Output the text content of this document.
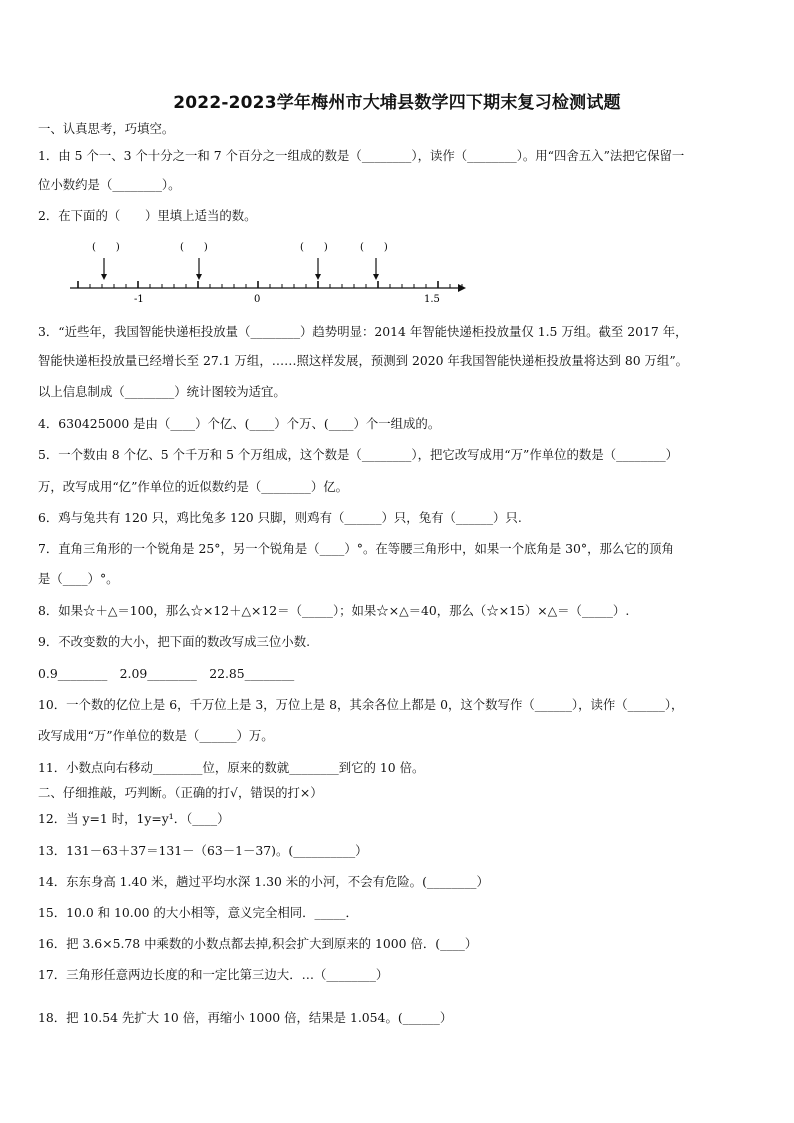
2022-2023学年梅州市大埔县数学四下期末复习检测试题
一、认真思考，巧填空。
1．由 5 个一、3 个十分之一和 7 个百分之一组成的数是（________），读作（________）。用“四舍五入”法把它保留一
位小数约是（________）。
2．在下面的（　　）里填上适当的数。
(　　)	(　　)	(　　)	(　　)
-1	0	1.5
3．“近些年，我国智能快递柜投放量（________）趋势明显：2014 年智能快递柜投放量仅 1.5 万组。截至 2017 年，
智能快递柜投放量已经增长至 27.1 万组，……照这样发展，预测到 2020 年我国智能快递柜投放量将达到 80 万组”。
以上信息制成（________）统计图较为适宜。
4．630425000 是由（____）个亿、(____）个万、(____）个一组成的。
5．一个数由 8 个亿、5 个千万和 5 个万组成，这个数是（________），把它改写成用“万”作单位的数是（________）
万，改写成用“亿”作单位的近似数约是（________）亿。
6．鸡与兔共有 120 只，鸡比兔多 120 只脚，则鸡有（______）只，兔有（______）只.
7．直角三角形的一个锐角是 25°，另一个锐角是（____）°。在等腰三角形中，如果一个底角是 30°，那么它的顶角
是（____）°。
8．如果☆＋△＝100，那么☆×12＋△×12＝（_____）；如果☆×△＝40，那么（☆×15）×△＝（_____）.
9．不改变数的大小，把下面的数改写成三位小数.
0.9________　2.09________　22.85________
10．一个数的亿位上是 6，千万位上是 3，万位上是 8，其余各位上都是 0，这个数写作（______），读作（______），
改写成用“万”作单位的数是（______）万。
11．小数点向右移动________位，原来的数就________到它的 10 倍。
二、仔细推敲，巧判断。（正确的打√，错误的打×）
12．当 y=1 时，1y=y¹．（____）
13．131－63＋37＝131－（63－1－37)。(__________）
14．东东身高 1.40 米，趟过平均水深 1.30 米的小河，不会有危险。(________）
15．10.0 和 10.00 的大小相等，意义完全相同．_____．
16．把 3.6×5.78 中乘数的小数点都去掉,积会扩大到原来的 1000 倍．(____）
17．三角形任意两边长度的和一定比第三边大．…（________）
18．把 10.54 先扩大 10 倍，再缩小 1000 倍，结果是 1.054。(______）
